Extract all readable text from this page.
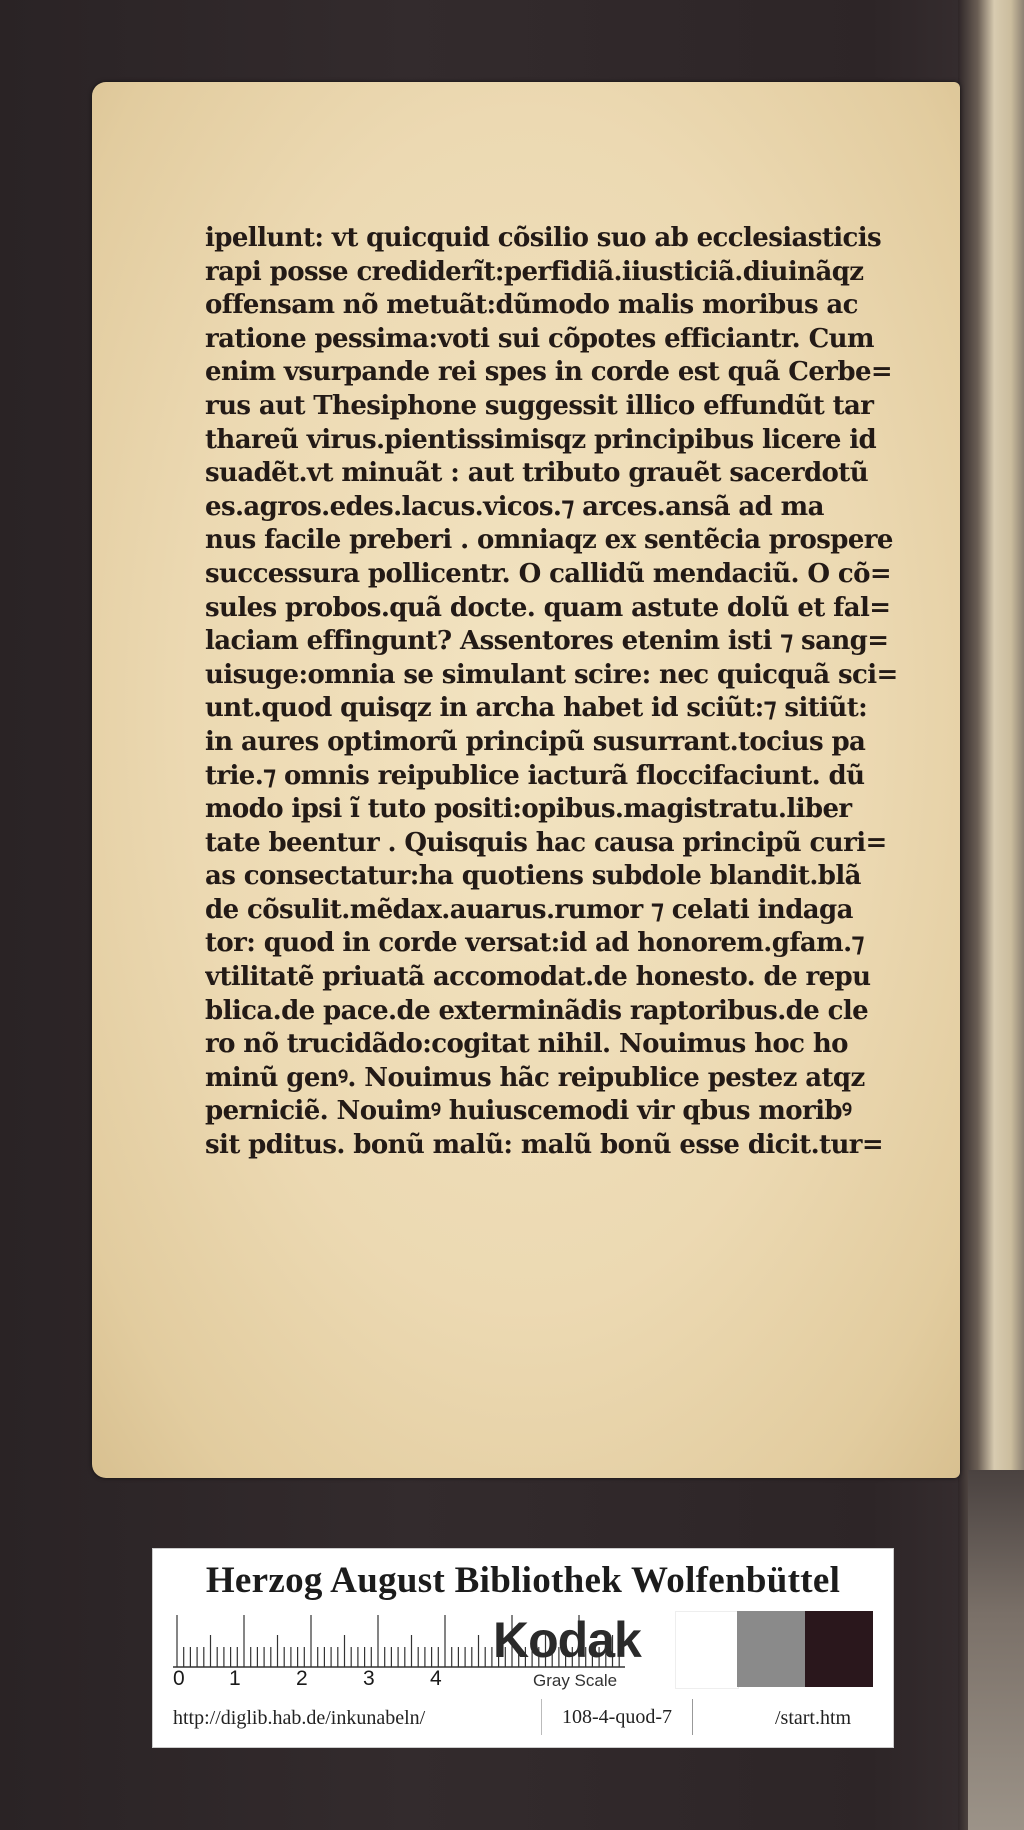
ipellunt: vt quicquid cõsilio suo ab ecclesiasticis
rapi posse crediderĩt:perfidiã.iiusticiã.diuinãqz
offensam nõ metuãt:dũmodo malis moribus ac
ratione pessima:voti sui cõpotes efficiantr. Cum
enim vsurpande rei spes in corde est quã Cerbe=
rus aut Thesiphone suggessit illico effundũt tar
thareũ virus.pientissimisqz principibus licere id
suadẽt.vt minuãt : aut tributo grauẽt sacerdotũ
es.agros.edes.lacus.vicos.⁊ arces.ansã ad ma
nus facile preberi . omniaqz ex sentẽcia prospere
successura pollicentr. O callidũ mendaciũ. O cõ=
sules probos.quã docte. quam astute dolũ et fal=
laciam effingunt? Assentores etenim isti ⁊ sang=
uisuge:omnia se simulant scire: nec quicquã sci=
unt.quod quisqz in archa habet id sciũt:⁊ sitiũt:
in aures optimorũ principũ susurrant.tocius pa
trie.⁊ omnis reipublice iacturã floccifaciunt. dũ
modo ipsi ĩ tuto positi:opibus.magistratu.liber
tate beentur . Quisquis hac causa principũ curi=
as consectatur:ha quotiens subdole blandit.blã
de cõsulit.mẽdax.auarus.rumor ⁊ celati indaga
tor: quod in corde versat:id ad honorem.gfam.⁊
vtilitatẽ priuatã accomodat.de honesto. de repu
blica.de pace.de exterminãdis raptoribus.de cle
ro nõ trucidãdo:cogitat nihil. Nouimus hoc ho
minũ genꝰ. Nouimus hãc reipublice pestez atqz
perniciẽ. Nouimꝰ huiuscemodi vir qbus moribꝰ
sit pditus. bonũ malũ: malũ bonũ esse dicit.tur=
Herzog August Bibliothek Wolfenbüttel
0 1	2	3	4
Kodak
Gray Scale
http://diglib.hab.de/inkunabeln/	108-4-quod-7	/start.htm
